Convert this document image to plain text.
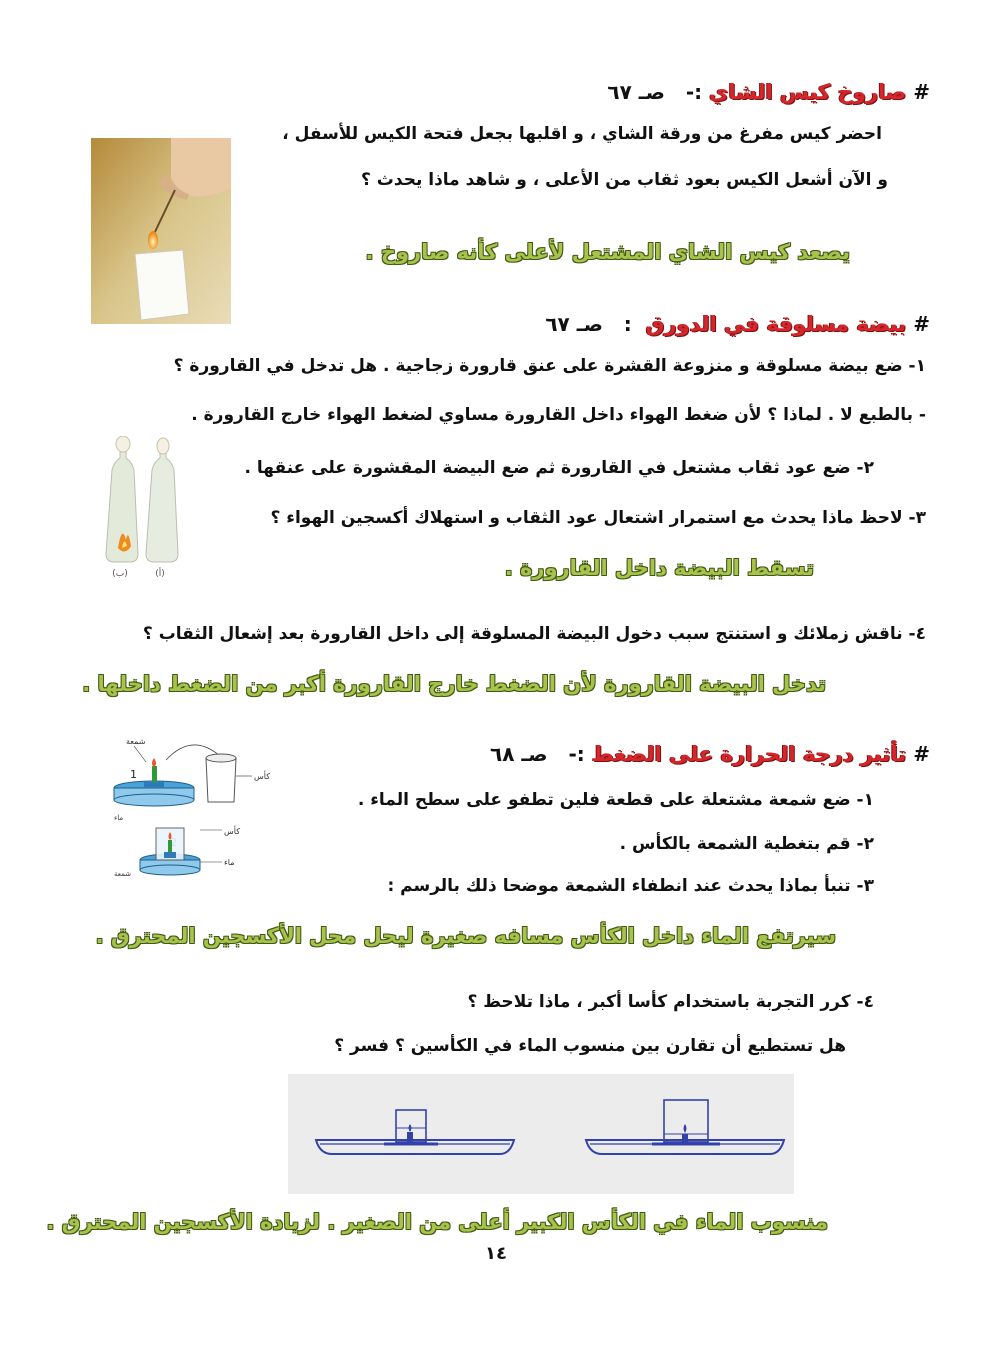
# صاروخ كيس الشاي :-   صـ ٦٧
احضر كيس مفرغ من ورقة الشاي ، و اقلبها بجعل فتحة الكيس للأسفل ،
و الآن أشعل الكيس بعود ثقاب من الأعلى ، و شاهد ماذا يحدث ؟
يصعد كيس الشاي المشتعل لأعلى كأنه صاروخ .
# بيضة مسلوقة في الدورق  :   صـ ٦٧
١- ضع بيضة مسلوقة و منزوعة القشرة على عنق قارورة زجاجية . هل تدخل في القارورة ؟
- بالطبع لا . لماذا ؟ لأن ضغط الهواء داخل القارورة مساوي لضغط الهواء خارج القارورة .
٢- ضع عود ثقاب مشتعل في القارورة ثم ضع البيضة المقشورة على عنقها .
٣- لاحظ ماذا يحدث مع استمرار اشتعال عود الثقاب و استهلاك أكسجين الهواء ؟
تسقط البيضة داخل القارورة .
٤- ناقش زملائك و استنتج سبب دخول البيضة المسلوقة إلى داخل القارورة بعد إشعال الثقاب ؟
تدخل البيضة القارورة لأن الضغط خارج القارورة أكبر من الضغط داخلها .
(ب)	(أ)
# تأثير درجة الحرارة على الضغط :-   صـ ٦٨
١- ضع شمعة مشتعلة على قطعة فلين تطفو على سطح الماء .
٢- قم بتغطية الشمعة بالكأس .
٣- تنبأ بماذا يحدث عند انطفاء الشمعة موضحا ذلك بالرسم :
سيرتفع الماء داخل الكأس مسافه صغيرة ليحل محل الأكسجين المحترق .
٤- كرر التجربة باستخدام كأسا أكبر ، ماذا تلاحظ ؟
هل تستطيع أن تقارن بين منسوب الماء في الكأسين ؟ فسر ؟
منسوب الماء في الكأس الكبير أعلى من الصغير . لزيادة الأكسجين المحترق .
شمعة
1
ماء
كأس
كأس
ماء
شمعة
١٤
